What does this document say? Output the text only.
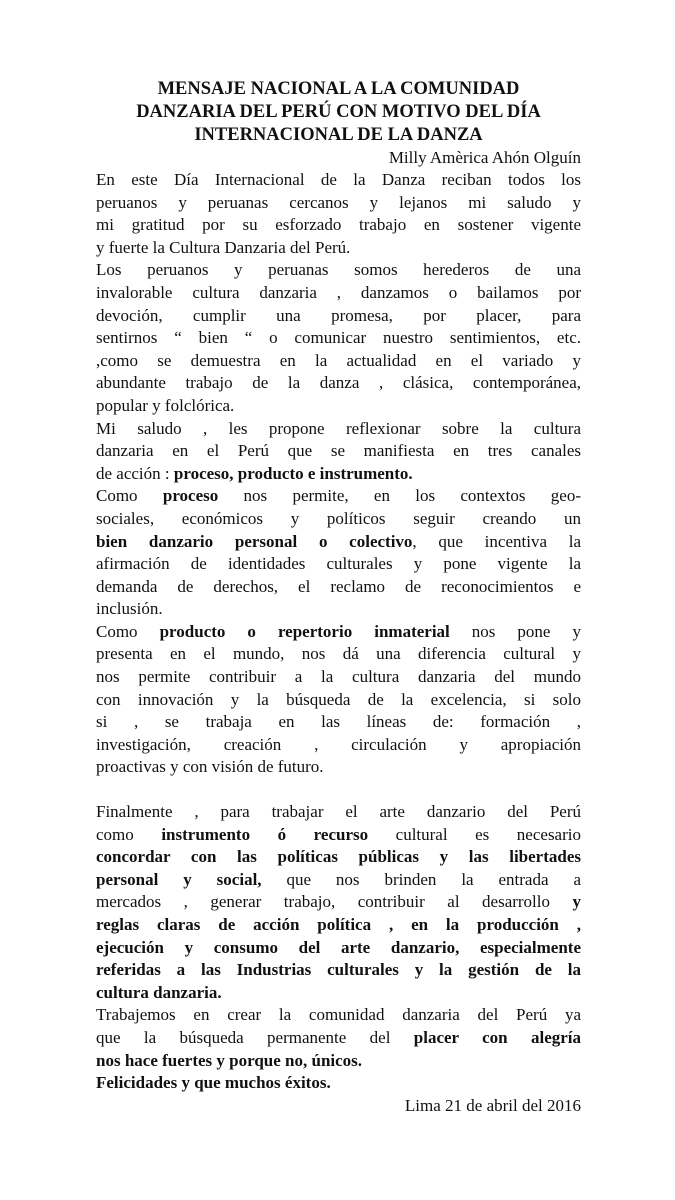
MENSAJE NACIONAL A LA COMUNIDAD
DANZARIA DEL PERÚ CON MOTIVO DEL DÍA
INTERNACIONAL DE LA DANZA
Milly Amèrica Ahón Olguín
En este Día Internacional de la Danza reciban todos los
peruanos y peruanas cercanos y lejanos mi saludo y
mi gratitud por su esforzado trabajo en sostener vigente
y fuerte la Cultura Danzaria del Perú.
Los peruanos y peruanas somos herederos de una
invalorable cultura danzaria , danzamos o bailamos por
devoción, cumplir una promesa, por placer, para
sentirnos “ bien “ o comunicar nuestro sentimientos, etc.
,como se demuestra en la actualidad en el variado y
abundante trabajo de la danza , clásica, contemporánea,
popular y folclórica.
Mi saludo , les propone reflexionar sobre la cultura
danzaria en el Perú que se manifiesta en tres canales
de acción : proceso, producto e instrumento.
Como proceso nos permite, en los contextos geo-
sociales, económicos y políticos seguir creando un
bien danzario personal o colectivo, que incentiva la
afirmación de identidades culturales y pone vigente la
demanda de derechos, el reclamo de reconocimientos e
inclusión.
Como producto o repertorio inmaterial nos pone y
presenta en el mundo, nos dá una diferencia cultural y
nos permite contribuir a la cultura danzaria del mundo
con innovación y la búsqueda de la excelencia, si solo
si , se trabaja en las líneas de: formación ,
investigación, creación , circulación y apropiación
proactivas y con visión de futuro.
Finalmente , para trabajar el arte danzario del Perú
como instrumento ó recurso cultural es necesario
concordar con las políticas públicas y las libertades
personal y social, que nos brinden la entrada a
mercados , generar trabajo, contribuir al desarrollo y
reglas claras de acción política , en la producción ,
ejecución y consumo del arte danzario, especialmente
referidas a las Industrias culturales y la gestión de la
cultura danzaria.
Trabajemos en crear la comunidad danzaria del Perú ya
que la búsqueda permanente del placer con alegría
nos hace fuertes y porque no, únicos.
Felicidades y que muchos éxitos.
Lima 21 de abril del 2016
